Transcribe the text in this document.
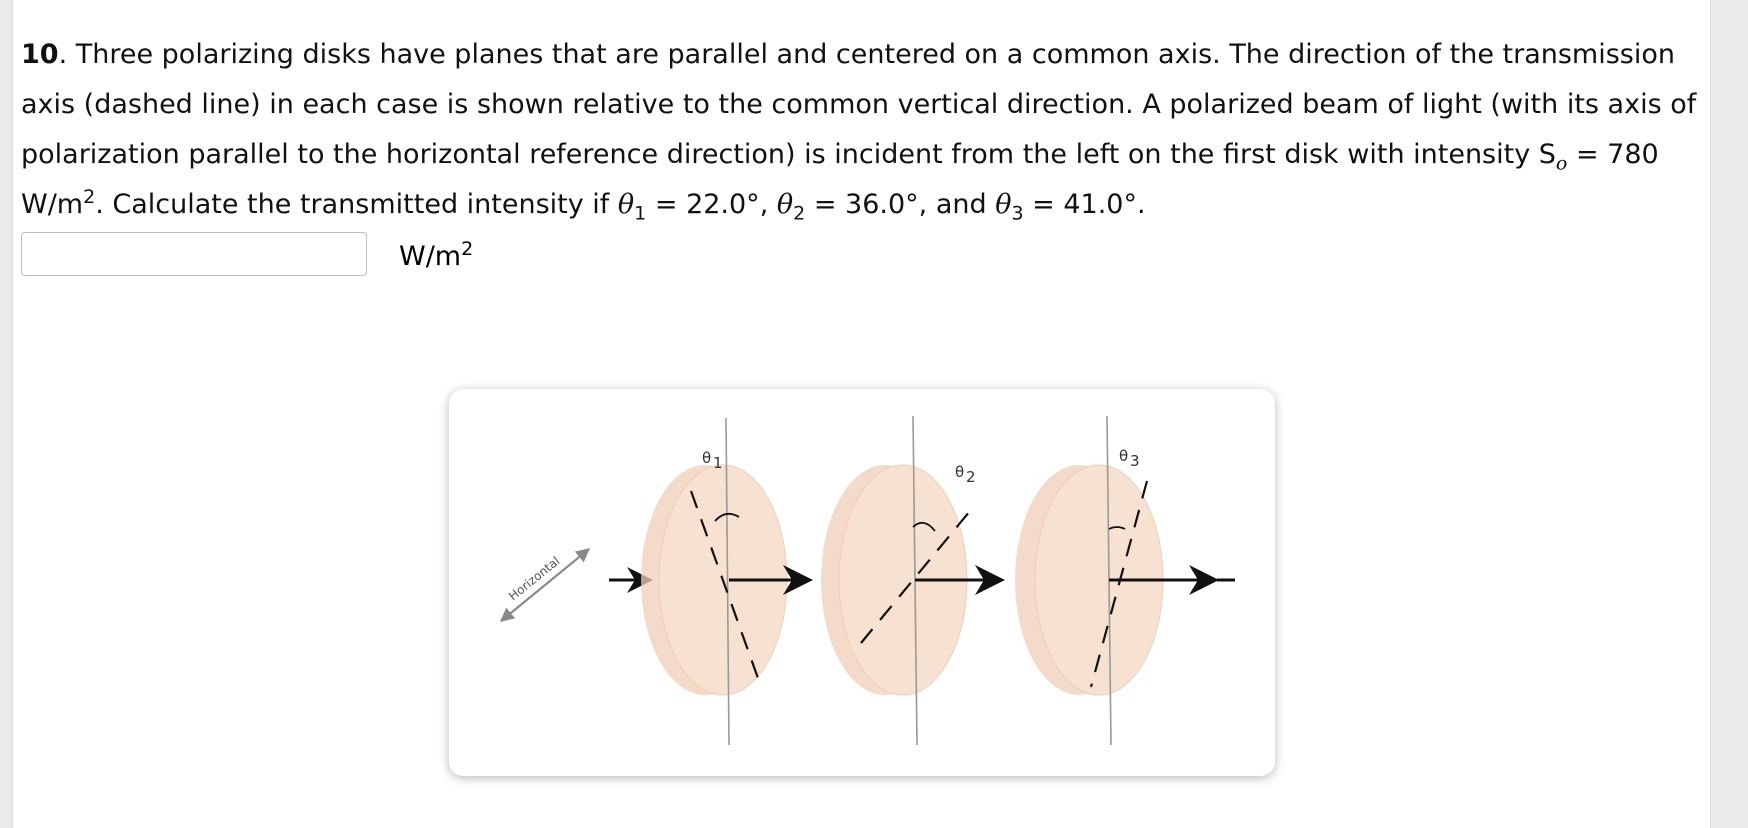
10. Three polarizing disks have planes that are parallel and centered on a common axis. The direction of the transmission axis (dashed line) in each case is shown relative to the common vertical direction. A polarized beam of light (with its axis of polarization parallel to the horizontal reference direction) is incident from the left on the first disk with intensity $S_o = 780$ $W/m^2$. Calculate the transmitted intensity if $\theta_1 = 22.0^\circ$, $\theta_2 = 36.0^\circ$, and $\theta_3 = 41.0^\circ$.
$W/m^2$
Horizontal
θ 1	θ 2
θ 3
